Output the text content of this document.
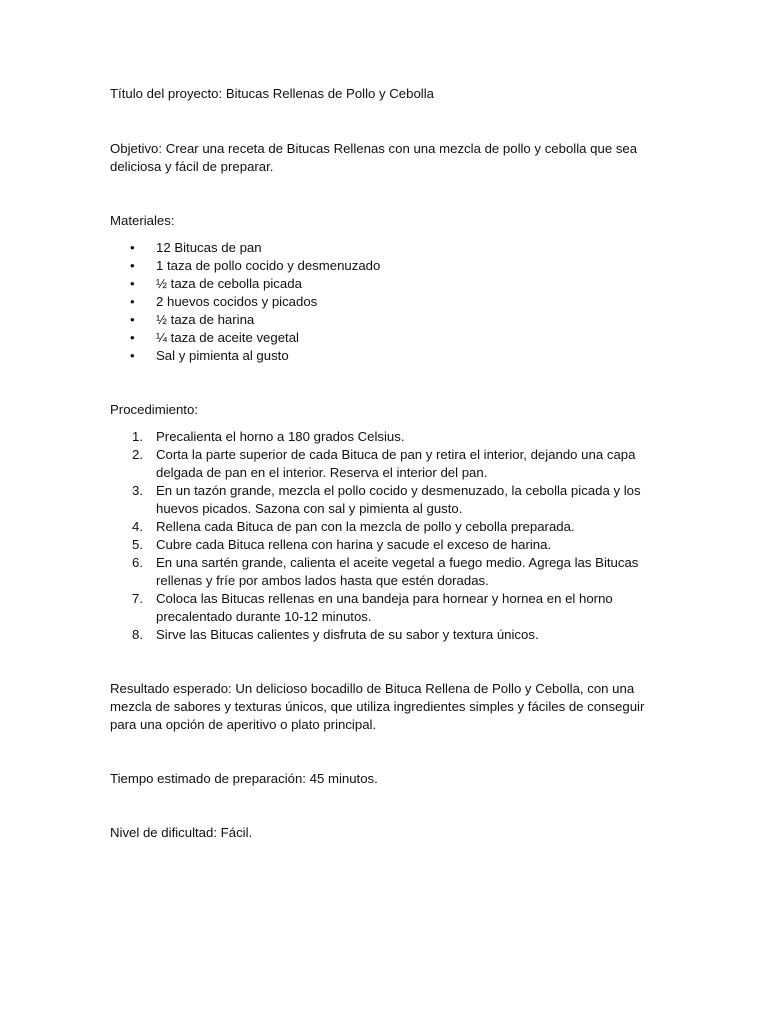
Título del proyecto: Bitucas Rellenas de Pollo y Cebolla

Objetivo: Crear una receta de Bitucas Rellenas con una mezcla de pollo y cebolla que sea deliciosa y fácil de preparar.

Materiales:

• 12 Bitucas de pan
• 1 taza de pollo cocido y desmenuzado
• ½ taza de cebolla picada
• 2 huevos cocidos y picados
• ½ taza de harina
• ¼ taza de aceite vegetal
• Sal y pimienta al gusto

Procedimiento:

1. Precalienta el horno a 180 grados Celsius.
2. Corta la parte superior de cada Bituca de pan y retira el interior, dejando una capa delgada de pan en el interior. Reserva el interior del pan.
3. En un tazón grande, mezcla el pollo cocido y desmenuzado, la cebolla picada y los huevos picados. Sazona con sal y pimienta al gusto.
4. Rellena cada Bituca de pan con la mezcla de pollo y cebolla preparada.
5. Cubre cada Bituca rellena con harina y sacude el exceso de harina.
6. En una sartén grande, calienta el aceite vegetal a fuego medio. Agrega las Bitucas rellenas y fríe por ambos lados hasta que estén doradas.
7. Coloca las Bitucas rellenas en una bandeja para hornear y hornea en el horno precalentado durante 10-12 minutos.
8. Sirve las Bitucas calientes y disfruta de su sabor y textura únicos.

Resultado esperado: Un delicioso bocadillo de Bituca Rellena de Pollo y Cebolla, con una mezcla de sabores y texturas únicos, que utiliza ingredientes simples y fáciles de conseguir para una opción de aperitivo o plato principal.

Tiempo estimado de preparación: 45 minutos.

Nivel de dificultad: Fácil.
